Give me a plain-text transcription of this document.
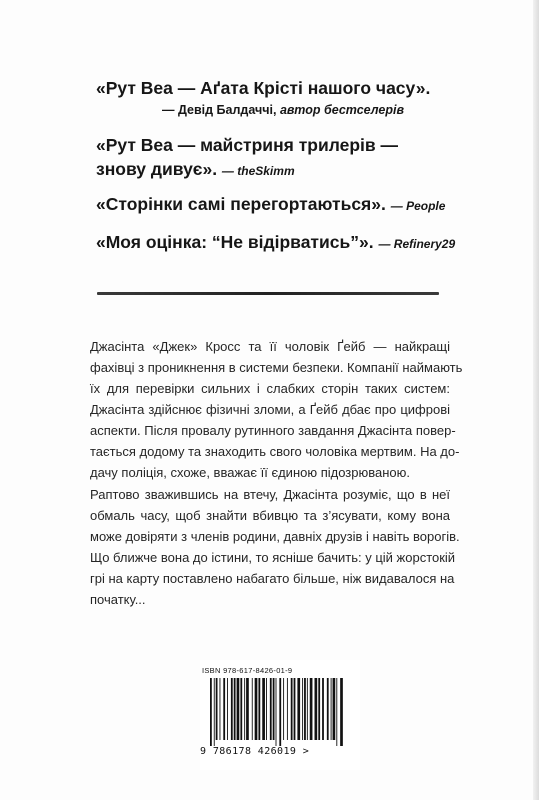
«Рут Веа — Аґата Крісті нашого часу».
— Девід Балдаччі, автор бестселерів

«Рут Веа — майстриня трилерів —
знову дивує». — theSkimm

«Сторінки самі перегортаються». — People

«Моя оцінка: “Не відірватись”». — Refinery29

Джасінта «Джек» Кросс та її чоловік Ґейб — найкращі
фахівці з проникнення в системи безпеки. Компанії наймають
їх для перевірки сильних і слабких сторін таких систем:
Джасінта здійснює фізичні зломи, а Ґейб дбає про цифрові
аспекти. Після провалу рутинного завдання Джасінта повер-
тається додому та знаходить свого чоловіка мертвим. На до-
дачу поліція, схоже, вважає її єдиною підозрюваною.
Раптово зважившись на втечу, Джасінта розуміє, що в неї
обмаль часу, щоб знайти вбивцю та з’ясувати, кому вона
може довіряти з членів родини, давніх друзів і навіть ворогів.
Що ближче вона до істини, то ясніше бачить: у цій жорстокій
грі на карту поставлено набагато більше, ніж видавалося на
початку...
ISBN 978-617-8426-01-9
9 786178 426019 >
